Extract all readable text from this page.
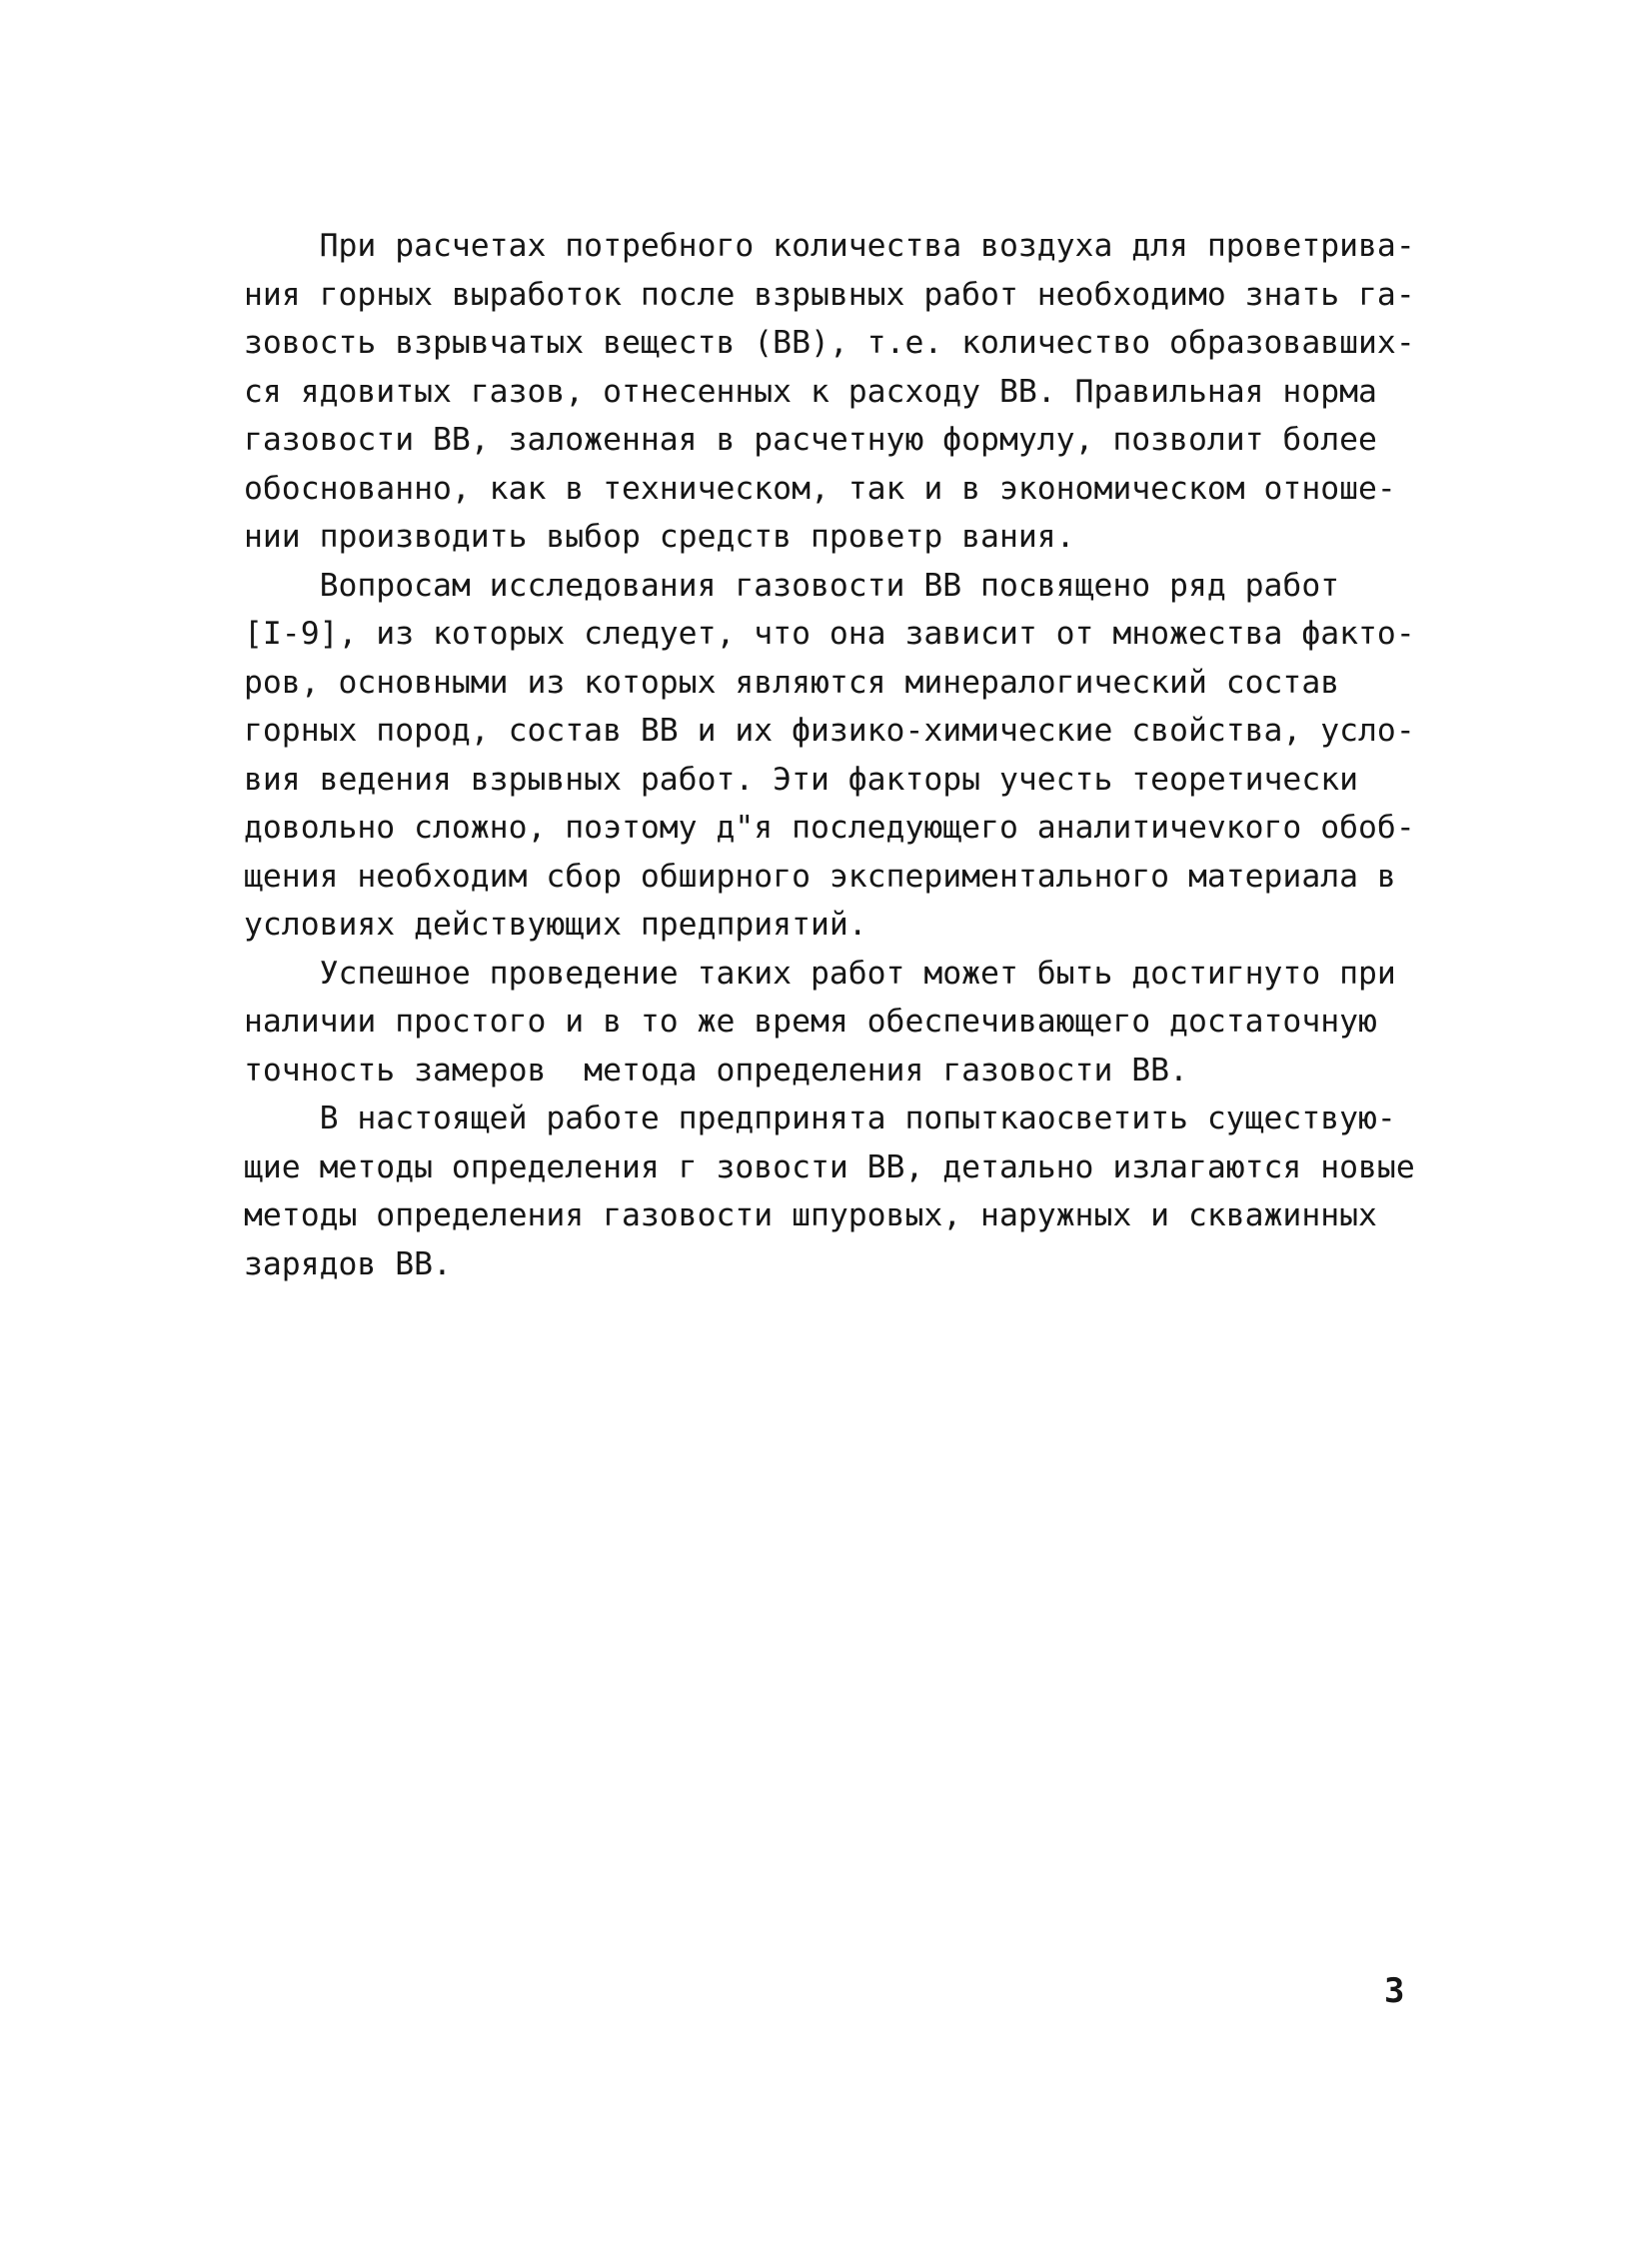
При расчетах потребного количества воздуха для проветрива-
ния горных выработок после взрывных работ необходимо знать га-
зовость взрывчатых веществ (ВВ), т.е. количество образовавших-
ся ядовитых газов, отнесенных к расходу ВВ. Правильная норма
газовости ВВ, заложенная в расчетную формулу, позволит более
обоснованно, как в техническом, так и в экономическом отноше-
нии производить выбор средств проветр вания.
Вопросам исследования газовости ВВ посвящено ряд работ
[I-9], из которых следует, что она зависит от множества факто-
ров, основными из которых являются минералогический состав
горных пород, состав ВВ и их физико-химические свойства, усло-
вия ведения взрывных работ. Эти факторы учесть теоретически
довольно сложно, поэтому д"я последующего аналитичеvкого обоб-
щения необходим сбор обширного экспериментального материала в
условиях действующих предприятий.
Успешное проведение таких работ может быть достигнуто при
наличии простого и в то же время обеспечивающего достаточную
точность замеров  метода определения газовости ВВ.
В настоящей работе предпринята попыткаосветить существую-
щие методы определения г зовости ВВ, детально излагаются новые
методы определения газовости шпуровых, наружных и скважинных
зарядов ВВ.
3
